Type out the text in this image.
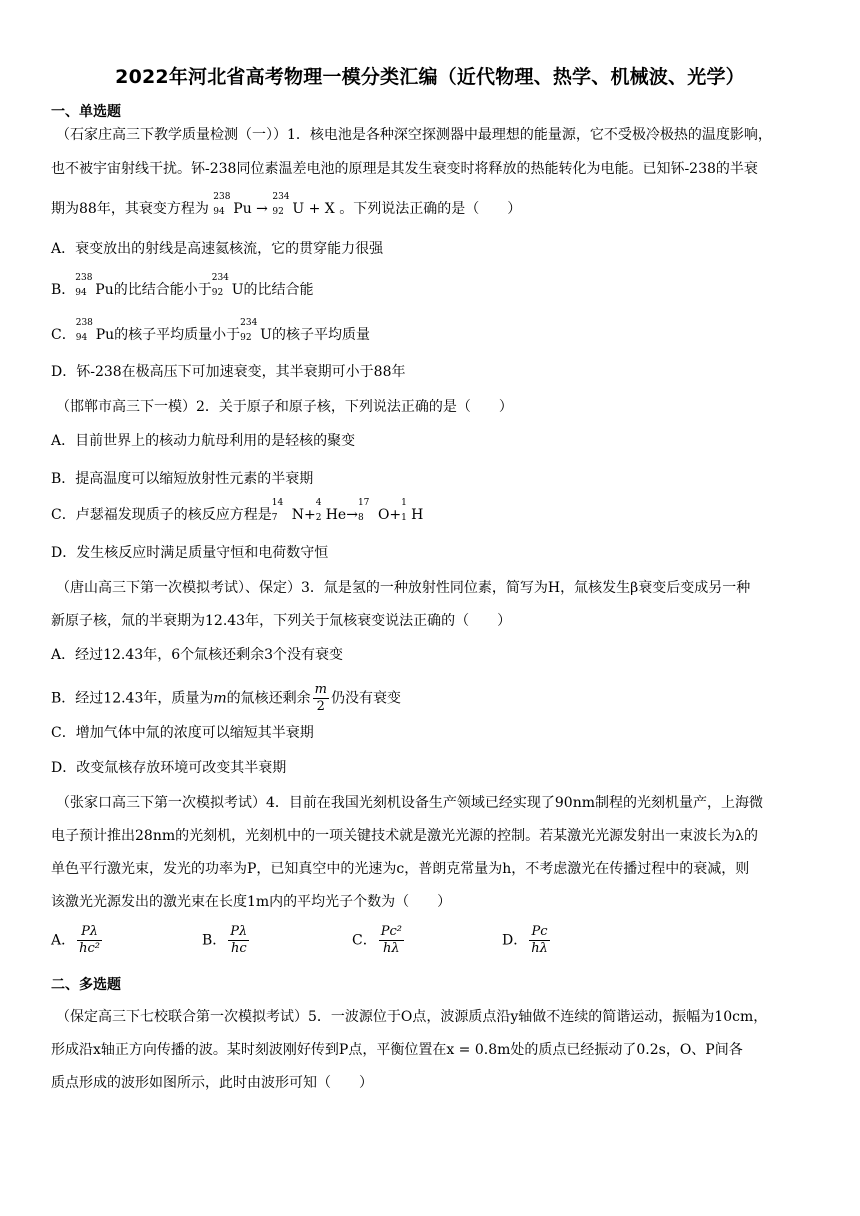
2022年河北省高考物理一模分类汇编（近代物理、热学、机械波、光学）
一、单选题
（石家庄高三下教学质量检测（一））1．核电池是各种深空探测器中最理想的能量源，它不受极冷极热的温度影响，
也不被宇宙射线干扰。钚-238同位素温差电池的原理是其发生衰变时将释放的热能转化为电能。已知钚-238的半衰
期为88年，其衰变方程为
238
94 Pu →
234
92 U + X 。下列说法正确的是（　　）
A．衰变放出的射线是高速氦核流，它的贯穿能力很强
B．
238
94 Pu的比结合能小于
234
92 U的比结合能
C．
238
94 Pu的核子平均质量小于
234
92 U的核子平均质量
D．钚-238在极高压下可加速衰变，其半衰期可小于88年
（邯郸市高三下一模）2．关于原子和原子核，下列说法正确的是（　　）
A．目前世界上的核动力航母利用的是轻核的聚变
B．提高温度可以缩短放射性元素的半衰期
C．卢瑟福发现质子的核反应方程是
14
7 N+
4
2 He→
17
8 O+
1
1 H
D．发生核反应时满足质量守恒和电荷数守恒
（唐山高三下第一次模拟考试）、保定）3．氚是氢的一种放射性同位素，简写为H，氚核发生β衰变后变成另一种
新原子核，氚的半衰期为12.43年，下列关于氚核衰变说法正确的（　　）
A．经过12.43年，6个氚核还剩余3个没有衰变
B．经过12.43年，质量为m的氚核还剩余 $\frac{m}{2}$ 仍没有衰变
C．增加气体中氚的浓度可以缩短其半衰期
D．改变氚核存放环境可改变其半衰期
（张家口高三下第一次模拟考试）4．目前在我国光刻机设备生产领域已经实现了90nm制程的光刻机量产，上海微
电子预计推出28nm的光刻机，光刻机中的一项关键技术就是激光光源的控制。若某激光光源发射出一束波长为λ的
单色平行激光束，发光的功率为P，已知真空中的光速为c，普朗克常量为h，不考虑激光在传播过程中的衰减，则
该激光光源发出的激光束在长度1m内的平均光子个数为（　　）
A． $\frac{P\lambda}{\text{hc²}}$	B． $\frac{P\lambda}{hc}$	C． $\frac{\text{Pc²}}{h\lambda}$	D． $\frac{Pc}{h\lambda}$
二、多选题
（保定高三下七校联合第一次模拟考试）5．一波源位于O点，波源质点沿y轴做不连续的简谐运动，振幅为10cm，
形成沿x轴正方向传播的波。某时刻波刚好传到P点，平衡位置在x = 0.8m处的质点已经振动了0.2s，O、P间各
质点形成的波形如图所示，此时由波形可知（　　）
